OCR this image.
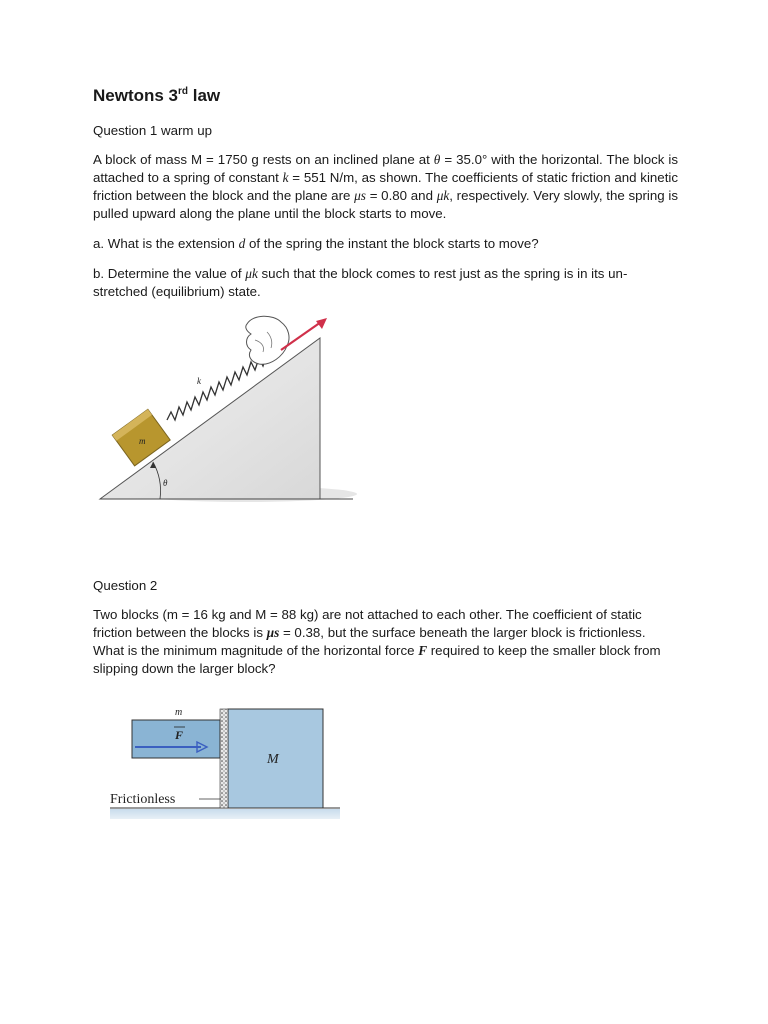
Newtons 3rd law

Question 1 warm up

A block of mass M = 1750 g rests on an inclined plane at θ = 35.0° with the horizontal. The block is attached to a spring of constant k = 551 N/m, as shown. The coefficients of static friction and kinetic friction between the block and the plane are μs = 0.80 and μk, respectively. Very slowly, the spring is pulled upward along the plane until the block starts to move.

a. What is the extension d of the spring the instant the block starts to move?

b. Determine the value of μk such that the block comes to rest just as the spring is in its un-stretched (equilibrium) state.

θ
m
k

Question 2

Two blocks (m = 16 kg and M = 88 kg) are not attached to each other. The coefficient of static friction between the blocks is μs = 0.38, but the surface beneath the larger block is frictionless. What is the minimum magnitude of the horizontal force F required to keep the smaller block from slipping down the larger block?

M
m
F
Frictionless
